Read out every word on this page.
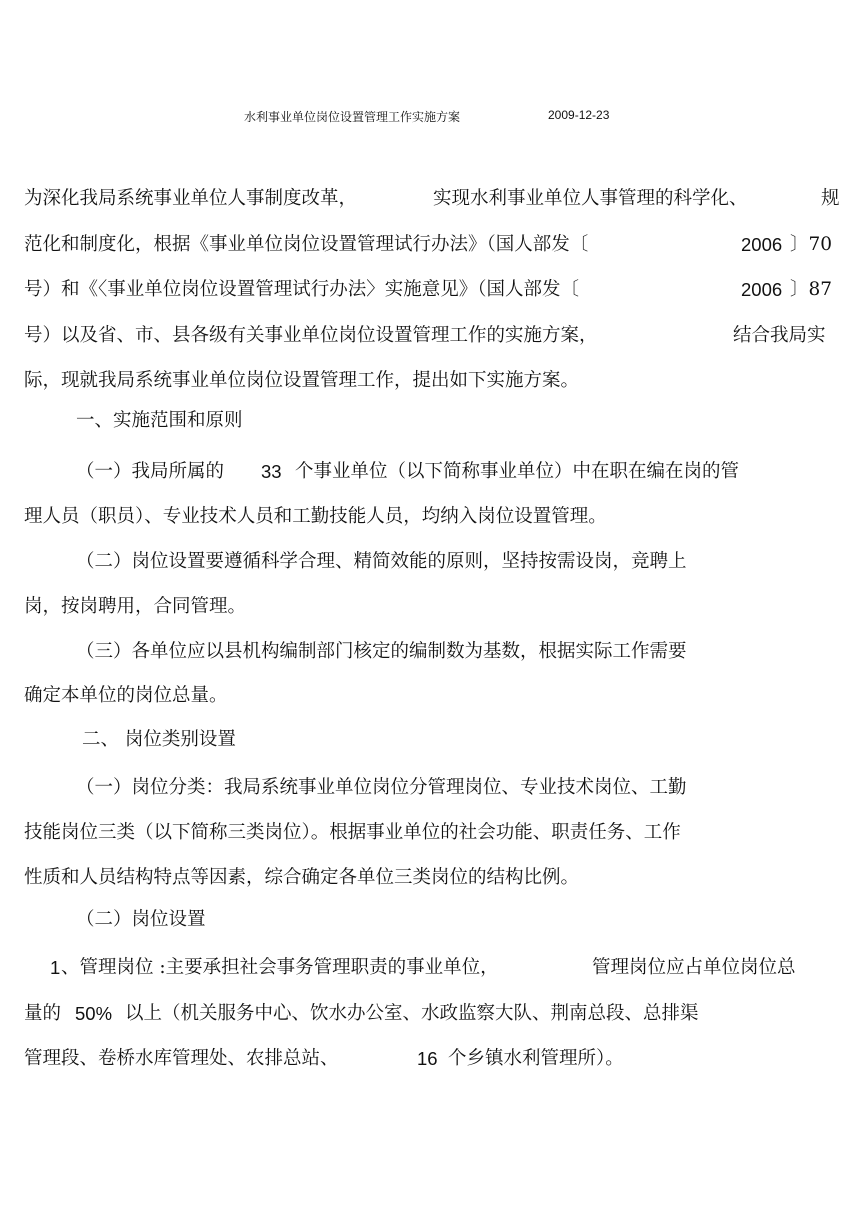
水利事业单位岗位设置管理工作实施方案	2009-12-23
为深化我局系统事业单位人事制度改革，	实现水利事业单位人事管理的科学化、	规
范化和制度化，根据《事业单位岗位设置管理试行办法》（国人部发〔	2006 〕70
号）和《〈事业单位岗位设置管理试行办法〉实施意见》（国人部发〔	2006 〕87
号）以及省、市、县各级有关事业单位岗位设置管理工作的实施方案，	结合我局实
际，现就我局系统事业单位岗位设置管理工作，提出如下实施方案。
一、实施范围和原则
（一）我局所属的 33 个事业单位（以下简称事业单位）中在职在编在岗的管
理人员（职员）、专业技术人员和工勤技能人员，均纳入岗位设置管理。
（二）岗位设置要遵循科学合理、精简效能的原则，坚持按需设岗，竞聘上
岗，按岗聘用，合同管理。
（三）各单位应以县机构编制部门核定的编制数为基数，根据实际工作需要
确定本单位的岗位总量。
二、 岗位类别设置
（一）岗位分类：我局系统事业单位岗位分管理岗位、专业技术岗位、工勤
技能岗位三类（以下简称三类岗位）。根据事业单位的社会功能、职责任务、工作
性质和人员结构特点等因素，综合确定各单位三类岗位的结构比例。
（二）岗位设置
1 、管理岗位 :主要承担社会事务管理职责的事业单位，	管理岗位应占单位岗位总
量的 50% 以上（机关服务中心、饮水办公室、水政监察大队、荆南总段、总排渠
管理段、卷桥水库管理处、农排总站、	16 个乡镇水利管理所）。
